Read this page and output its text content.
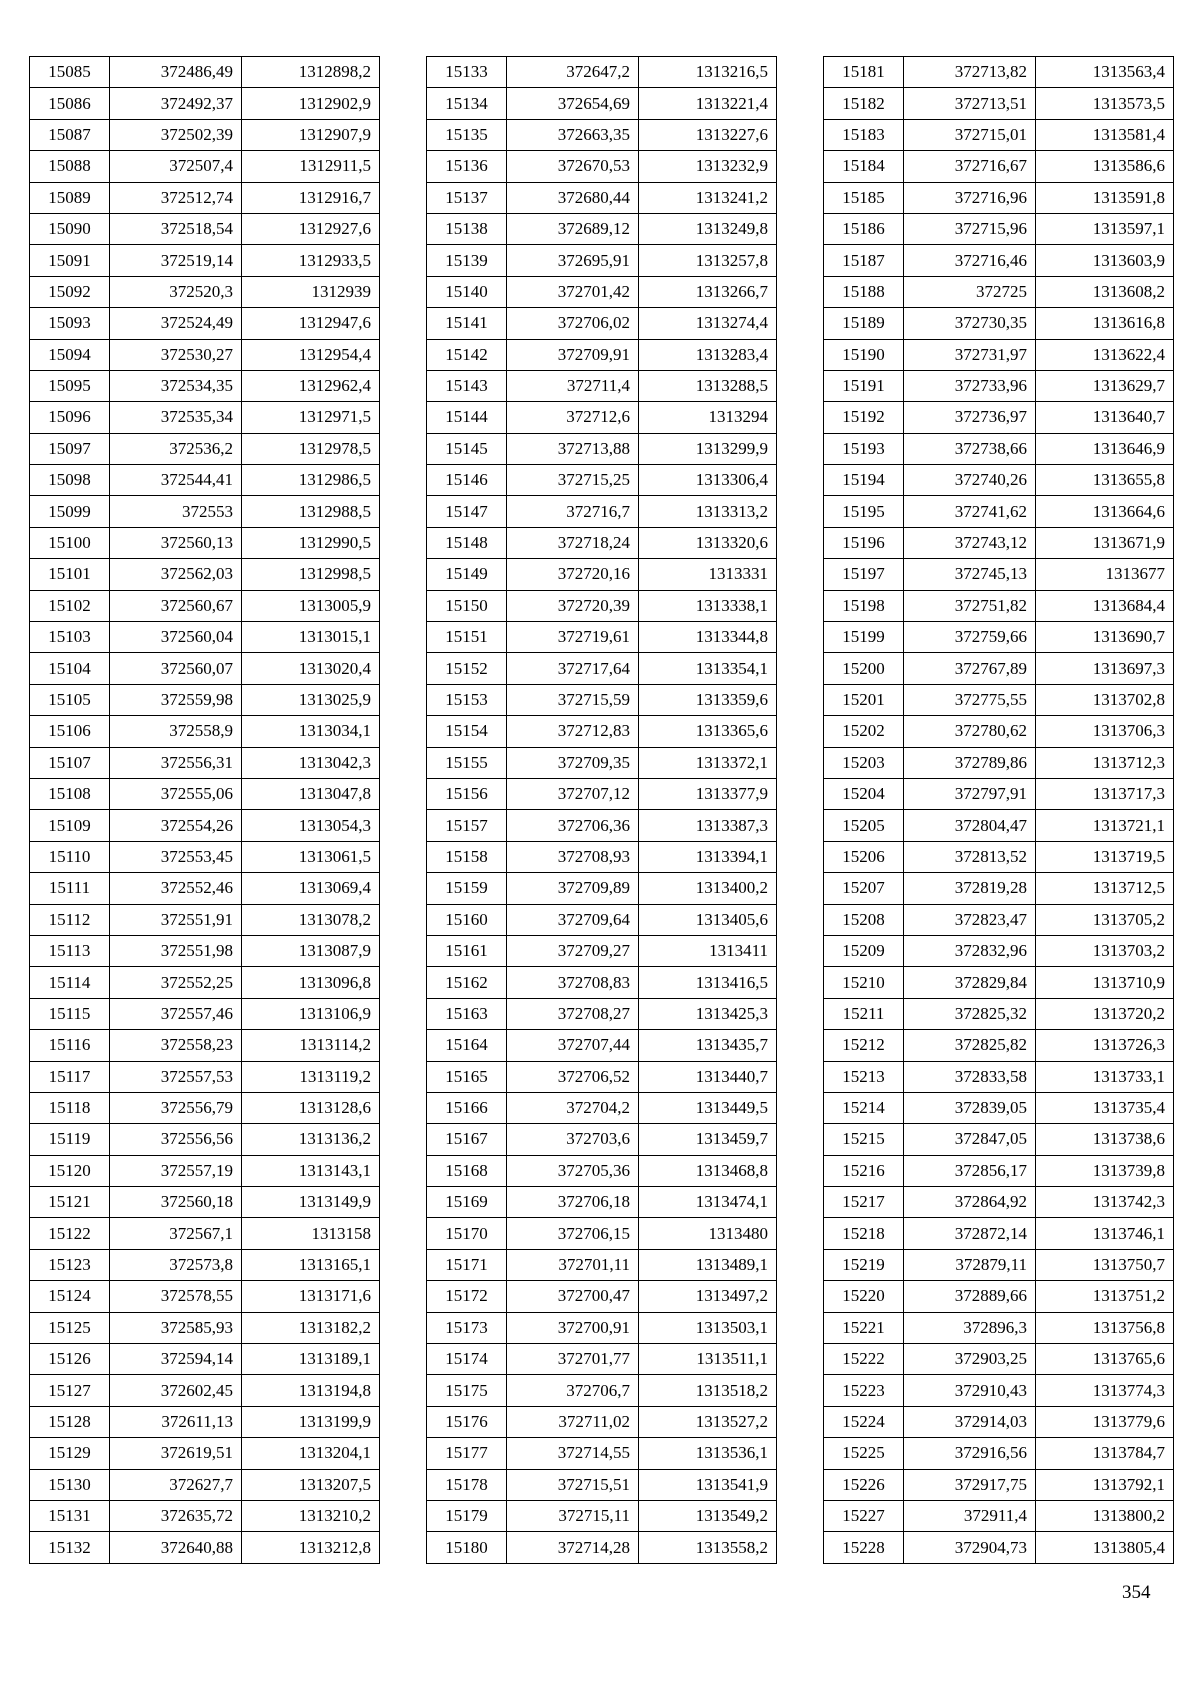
15085	372486,49	1312898,2
15086	372492,37	1312902,9
15087	372502,39	1312907,9
15088	372507,4	1312911,5
15089	372512,74	1312916,7
15090	372518,54	1312927,6
15091	372519,14	1312933,5
15092	372520,3	1312939
15093	372524,49	1312947,6
15094	372530,27	1312954,4
15095	372534,35	1312962,4
15096	372535,34	1312971,5
15097	372536,2	1312978,5
15098	372544,41	1312986,5
15099	372553	1312988,5
15100	372560,13	1312990,5
15101	372562,03	1312998,5
15102	372560,67	1313005,9
15103	372560,04	1313015,1
15104	372560,07	1313020,4
15105	372559,98	1313025,9
15106	372558,9	1313034,1
15107	372556,31	1313042,3
15108	372555,06	1313047,8
15109	372554,26	1313054,3
15110	372553,45	1313061,5
15111	372552,46	1313069,4
15112	372551,91	1313078,2
15113	372551,98	1313087,9
15114	372552,25	1313096,8
15115	372557,46	1313106,9
15116	372558,23	1313114,2
15117	372557,53	1313119,2
15118	372556,79	1313128,6
15119	372556,56	1313136,2
15120	372557,19	1313143,1
15121	372560,18	1313149,9
15122	372567,1	1313158
15123	372573,8	1313165,1
15124	372578,55	1313171,6
15125	372585,93	1313182,2
15126	372594,14	1313189,1
15127	372602,45	1313194,8
15128	372611,13	1313199,9
15129	372619,51	1313204,1
15130	372627,7	1313207,5
15131	372635,72	1313210,2
15132	372640,88	1313212,8
15133	372647,2	1313216,5
15134	372654,69	1313221,4
15135	372663,35	1313227,6
15136	372670,53	1313232,9
15137	372680,44	1313241,2
15138	372689,12	1313249,8
15139	372695,91	1313257,8
15140	372701,42	1313266,7
15141	372706,02	1313274,4
15142	372709,91	1313283,4
15143	372711,4	1313288,5
15144	372712,6	1313294
15145	372713,88	1313299,9
15146	372715,25	1313306,4
15147	372716,7	1313313,2
15148	372718,24	1313320,6
15149	372720,16	1313331
15150	372720,39	1313338,1
15151	372719,61	1313344,8
15152	372717,64	1313354,1
15153	372715,59	1313359,6
15154	372712,83	1313365,6
15155	372709,35	1313372,1
15156	372707,12	1313377,9
15157	372706,36	1313387,3
15158	372708,93	1313394,1
15159	372709,89	1313400,2
15160	372709,64	1313405,6
15161	372709,27	1313411
15162	372708,83	1313416,5
15163	372708,27	1313425,3
15164	372707,44	1313435,7
15165	372706,52	1313440,7
15166	372704,2	1313449,5
15167	372703,6	1313459,7
15168	372705,36	1313468,8
15169	372706,18	1313474,1
15170	372706,15	1313480
15171	372701,11	1313489,1
15172	372700,47	1313497,2
15173	372700,91	1313503,1
15174	372701,77	1313511,1
15175	372706,7	1313518,2
15176	372711,02	1313527,2
15177	372714,55	1313536,1
15178	372715,51	1313541,9
15179	372715,11	1313549,2
15180	372714,28	1313558,2
15181	372713,82	1313563,4
15182	372713,51	1313573,5
15183	372715,01	1313581,4
15184	372716,67	1313586,6
15185	372716,96	1313591,8
15186	372715,96	1313597,1
15187	372716,46	1313603,9
15188	372725	1313608,2
15189	372730,35	1313616,8
15190	372731,97	1313622,4
15191	372733,96	1313629,7
15192	372736,97	1313640,7
15193	372738,66	1313646,9
15194	372740,26	1313655,8
15195	372741,62	1313664,6
15196	372743,12	1313671,9
15197	372745,13	1313677
15198	372751,82	1313684,4
15199	372759,66	1313690,7
15200	372767,89	1313697,3
15201	372775,55	1313702,8
15202	372780,62	1313706,3
15203	372789,86	1313712,3
15204	372797,91	1313717,3
15205	372804,47	1313721,1
15206	372813,52	1313719,5
15207	372819,28	1313712,5
15208	372823,47	1313705,2
15209	372832,96	1313703,2
15210	372829,84	1313710,9
15211	372825,32	1313720,2
15212	372825,82	1313726,3
15213	372833,58	1313733,1
15214	372839,05	1313735,4
15215	372847,05	1313738,6
15216	372856,17	1313739,8
15217	372864,92	1313742,3
15218	372872,14	1313746,1
15219	372879,11	1313750,7
15220	372889,66	1313751,2
15221	372896,3	1313756,8
15222	372903,25	1313765,6
15223	372910,43	1313774,3
15224	372914,03	1313779,6
15225	372916,56	1313784,7
15226	372917,75	1313792,1
15227	372911,4	1313800,2
15228	372904,73	1313805,4
354
